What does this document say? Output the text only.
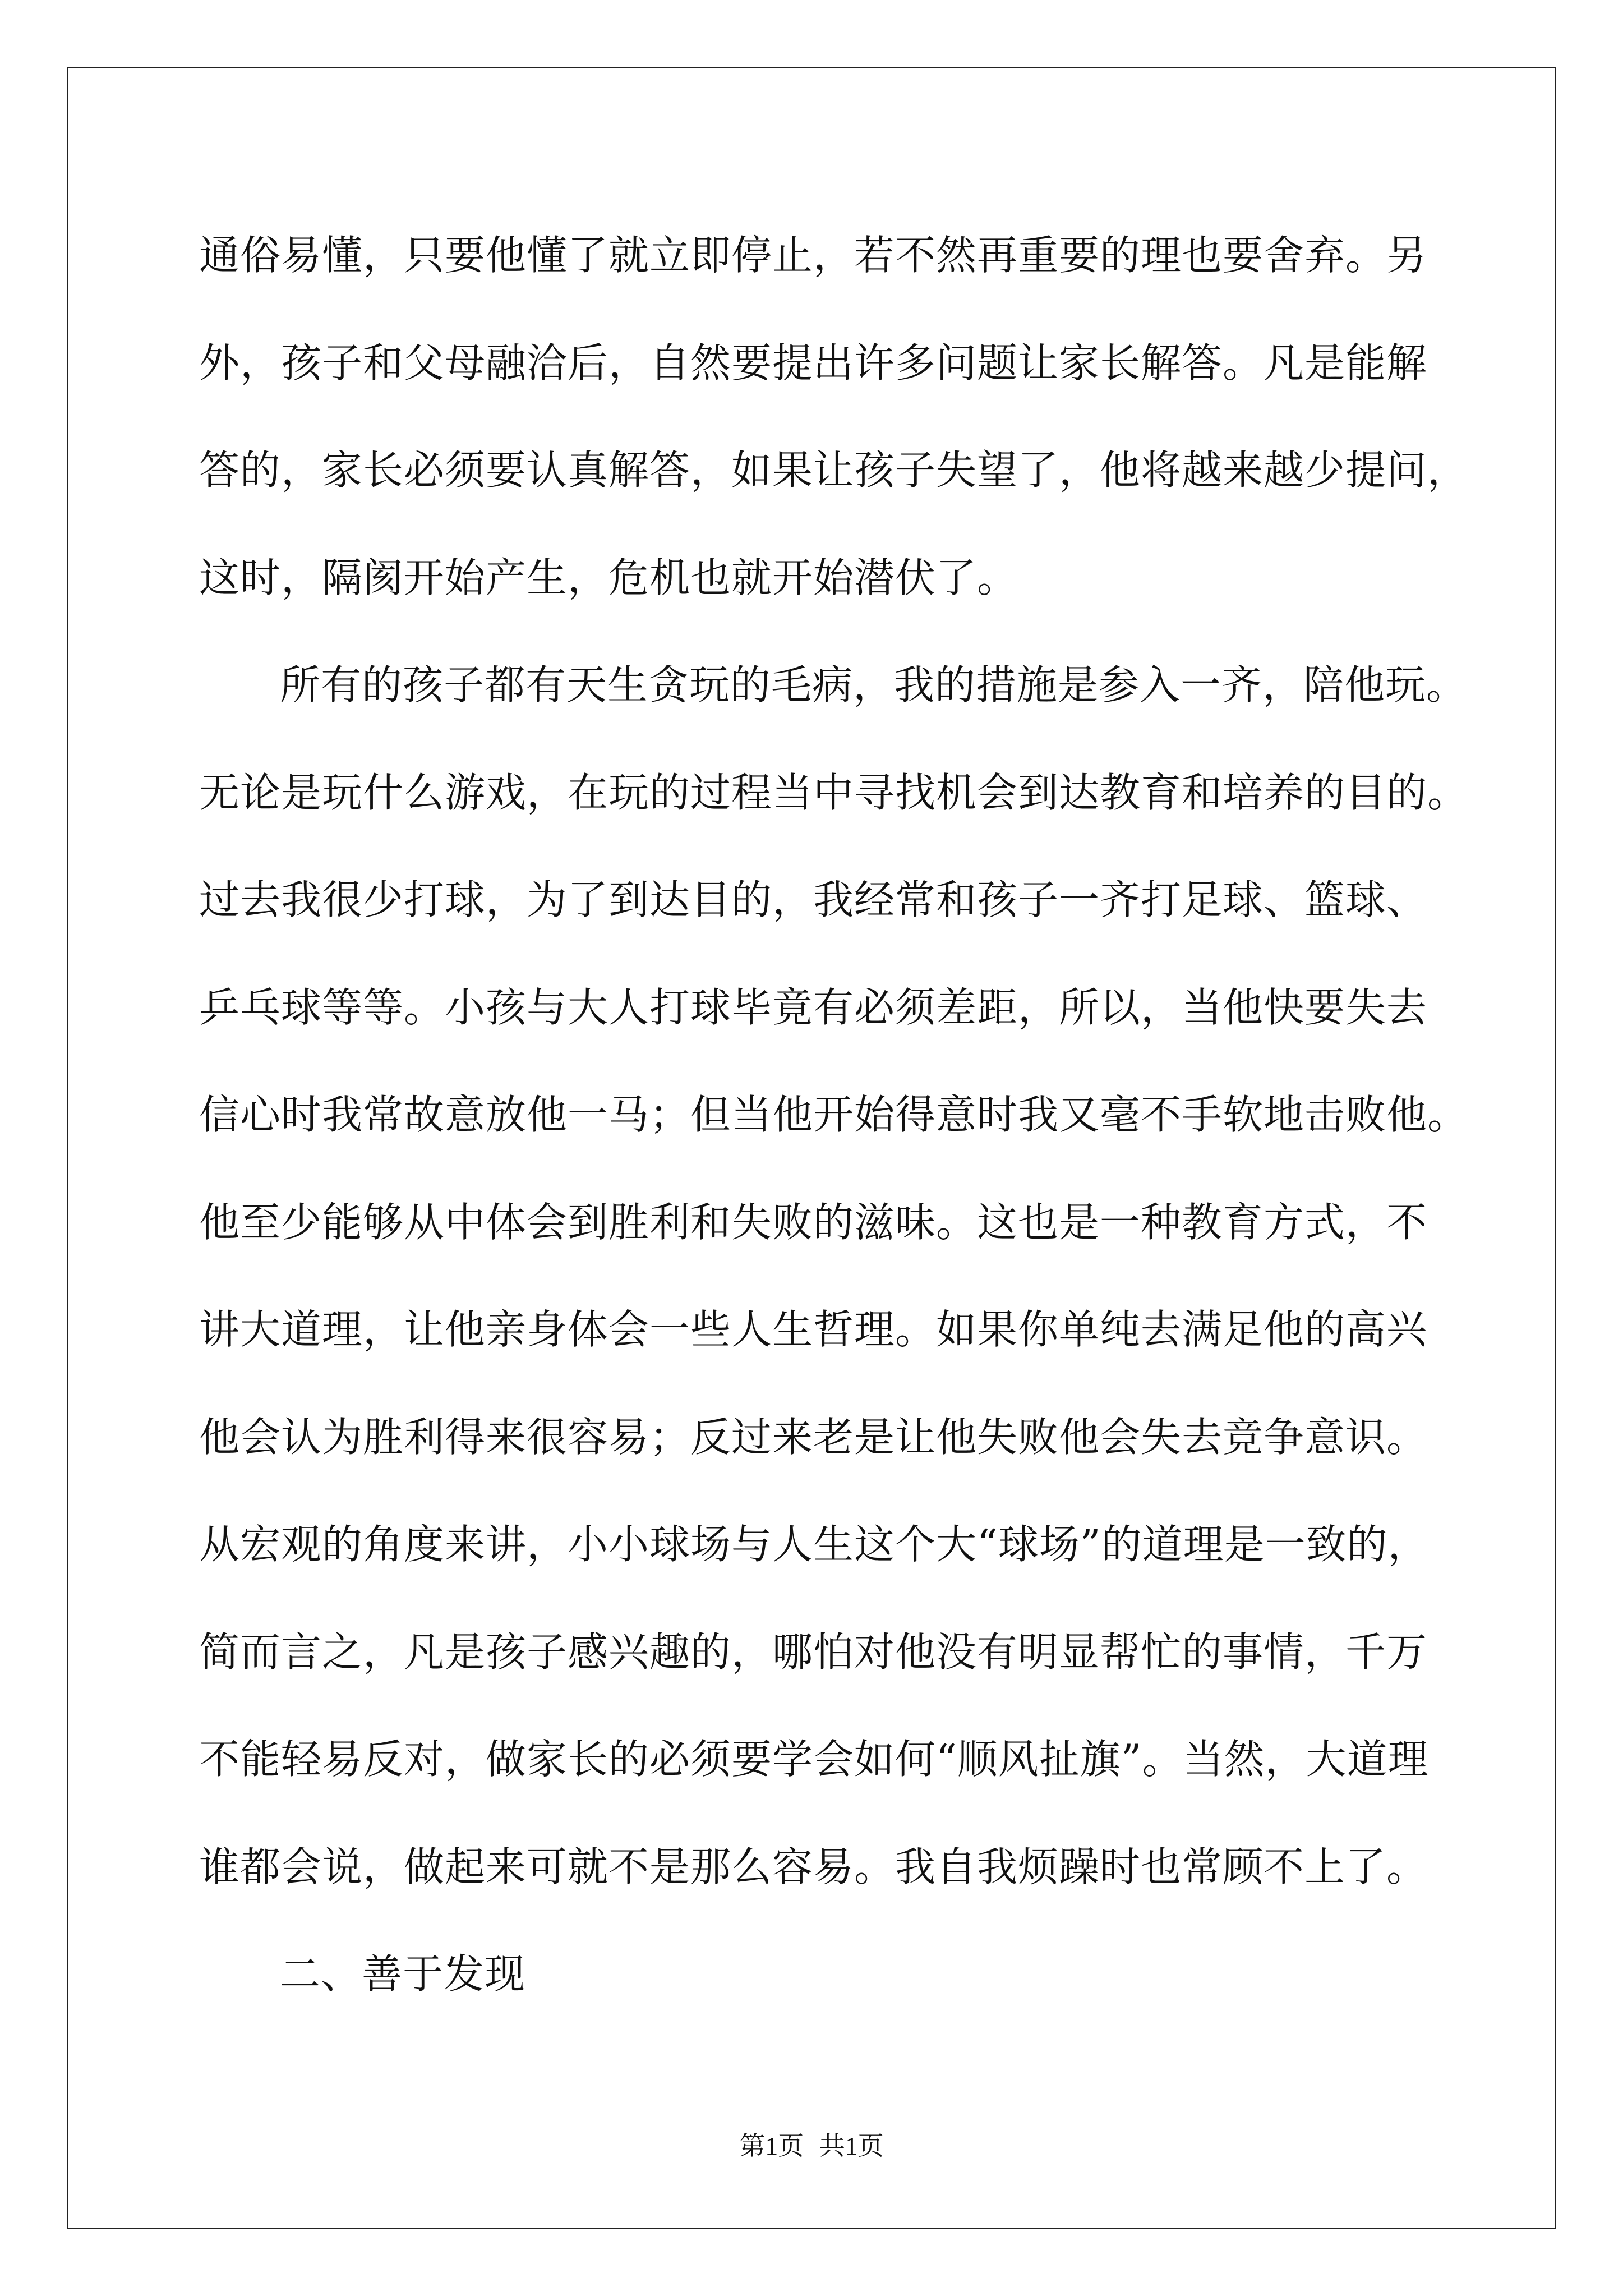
通俗易懂，只要他懂了就立即停止，若不然再重要的理也要舍弃。另
外，孩子和父母融洽后，自然要提出许多问题让家长解答。凡是能解
答的，家长必须要认真解答，如果让孩子失望了，他将越来越少提问，
这时，隔阂开始产生，危机也就开始潜伏了。
所有的孩子都有天生贪玩的毛病，我的措施是参入一齐，陪他玩。
无论是玩什么游戏，在玩的过程当中寻找机会到达教育和培养的目的。
过去我很少打球，为了到达目的，我经常和孩子一齐打足球、篮球、
乒乓球等等。小孩与大人打球毕竟有必须差距，所以，当他快要失去
信心时我常故意放他一马；但当他开始得意时我又毫不手软地击败他。
他至少能够从中体会到胜利和失败的滋味。这也是一种教育方式，不
讲大道理，让他亲身体会一些人生哲理。如果你单纯去满足他的高兴
他会认为胜利得来很容易；反过来老是让他失败他会失去竞争意识。
从宏观的角度来讲，小小球场与人生这个大“球场”的道理是一致的，
简而言之，凡是孩子感兴趣的，哪怕对他没有明显帮忙的事情，千万
不能轻易反对，做家长的必须要学会如何“顺风扯旗”。当然，大道理
谁都会说，做起来可就不是那么容易。我自我烦躁时也常顾不上了。
二、善于发现
第1页 共1页
